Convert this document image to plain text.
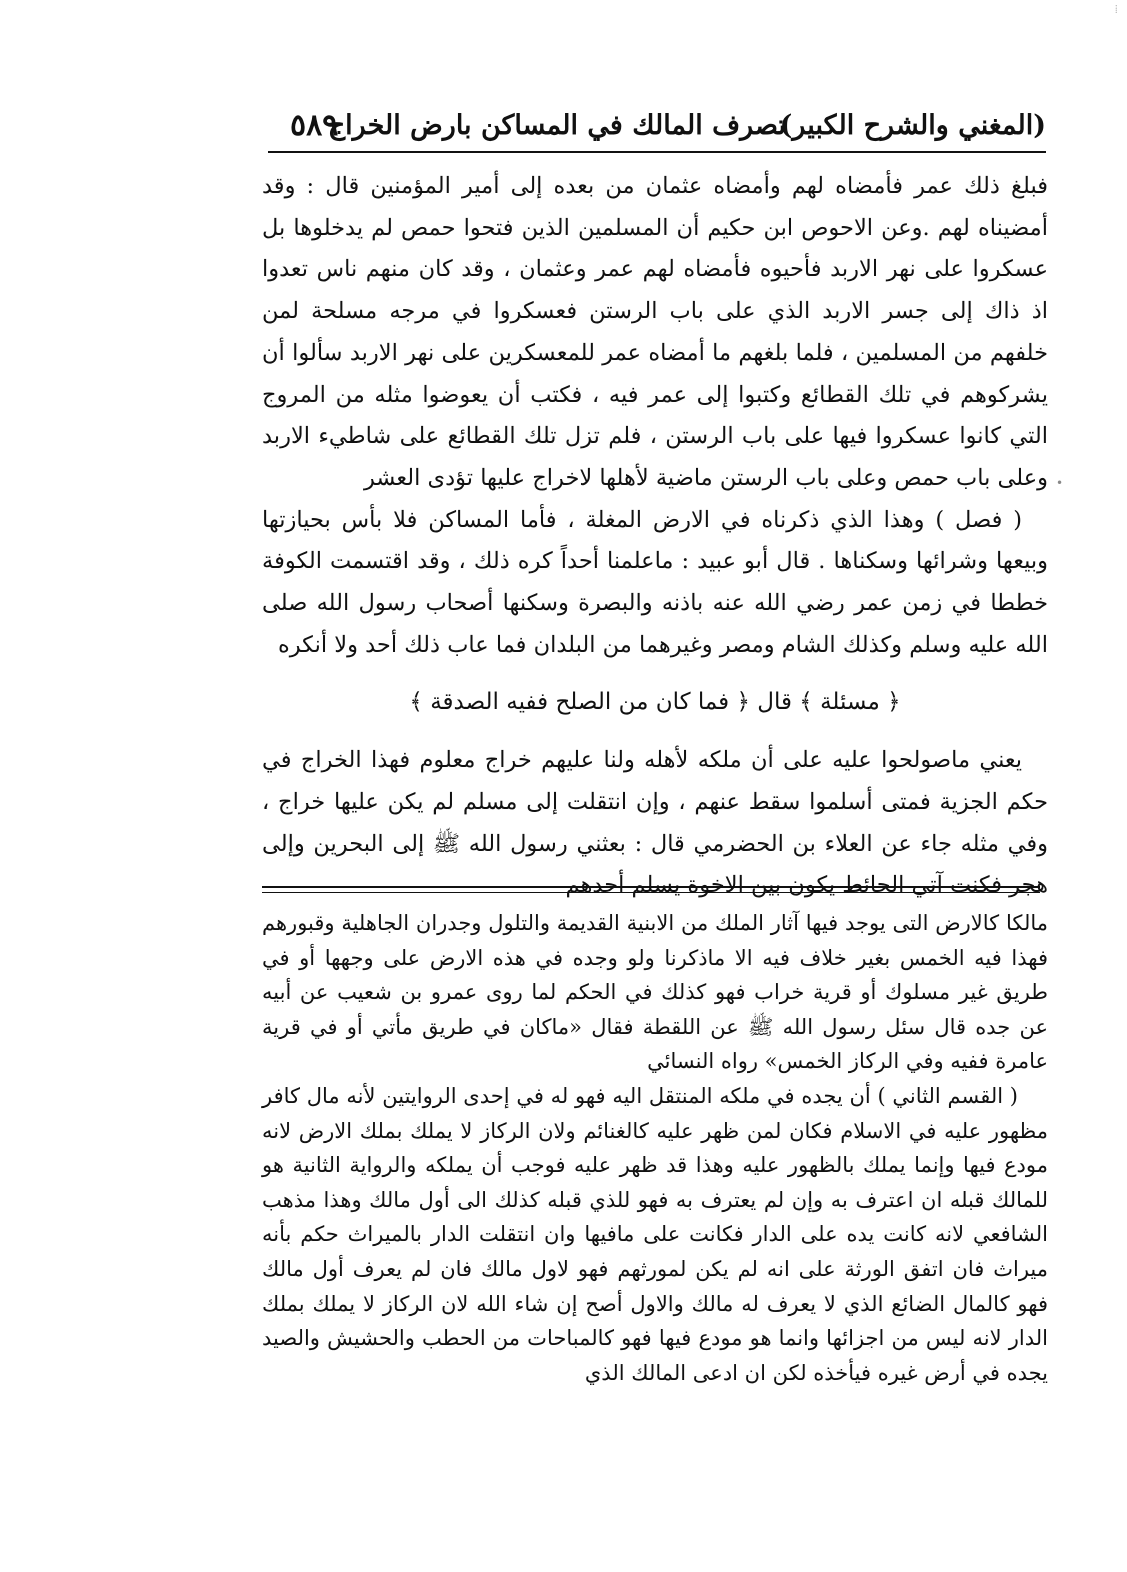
⁞
(المغني والشرح الكبير)
تصرف المالك في المساكن بارض الخراج
٥٨٩

فبلغ ذلك عمر فأمضاه لهم وأمضاه عثمان من بعده إلى أمير المؤمنين قال : وقد أمضيناه لهم .وعن الاحوص ابن حكيم أن المسلمين الذين فتحوا حمص لم يدخلوها بل عسكروا على نهر الاربد فأحيوه فأمضاه لهم عمر وعثمان ، وقد كان منهم ناس تعدوا اذ ذاك إلى جسر الاربد الذي على باب الرستن فعسكروا في مرجه مسلحة لمن خلفهم من المسلمين ، فلما بلغهم ما أمضاه عمر للمعسكرين على نهر الاربد سألوا أن يشركوهم في تلك القطائع وكتبوا إلى عمر فيه ، فكتب أن يعوضوا مثله من المروج التي كانوا عسكروا فيها على باب الرستن ، فلم تزل تلك القطائع على شاطيء الاربد وعلى باب حمص وعلى باب الرستن ماضية لأهلها لاخراج عليها تؤدى العشر

( فصل ) وهذا الذي ذكرناه في الارض المغلة ، فأما المساكن فلا بأس بحيازتها وبيعها وشرائها وسكناها . قال أبو عبيد : ماعلمنا أحداً كره ذلك ، وقد اقتسمت الكوفة خططا في زمن عمر رضي الله عنه باذنه والبصرة وسكنها أصحاب رسول الله صلى الله عليه وسلم وكذلك الشام ومصر وغيرهما من البلدان فما عاب ذلك أحد ولا أنكره

﴿ مسئلة ﴾ قال ﴿ فما كان من الصلح ففيه الصدقة ﴾

يعني ماصولحوا عليه على أن ملكه لأهله ولنا عليهم خراج معلوم فهذا الخراج في حكم الجزية فمتى أسلموا سقط عنهم ، وإن انتقلت إلى مسلم لم يكن عليها خراج ، وفي مثله جاء عن العلاء بن الحضرمي قال : بعثني رسول الله ﷺ إلى البحرين وإلى هجر فكنت آتي الحائط يكون بين الاخوة يسلم أحدهم

•

مالكا كالارض التى يوجد فيها آثار الملك من الابنية القديمة والتلول وجدران الجاهلية وقبورهم فهذا فيه الخمس بغير خلاف فيه الا ماذكرنا ولو وجده في هذه الارض على وجهها أو في طريق غير مسلوك أو قرية خراب فهو كذلك في الحكم لما روى عمرو بن شعيب عن أبيه عن جده قال سئل رسول الله ﷺ عن اللقطة فقال «ماكان في طريق مأتي أو في قرية عامرة ففيه وفي الركاز الخمس» رواه النسائي

( القسم الثاني ) أن يجده في ملكه المنتقل اليه فهو له في إحدى الروايتين لأنه مال كافر مظهور عليه في الاسلام فكان لمن ظهر عليه كالغنائم ولان الركاز لا يملك بملك الارض لانه مودع فيها وإنما يملك بالظهور عليه وهذا قد ظهر عليه فوجب أن يملكه والرواية الثانية هو للمالك قبله ان اعترف به وإن لم يعترف به فهو للذي قبله كذلك الى أول مالك وهذا مذهب الشافعي لانه كانت يده على الدار فكانت على مافيها وان انتقلت الدار بالميراث حكم بأنه ميراث فان اتفق الورثة على انه لم يكن لمورثهم فهو لاول مالك فان لم يعرف أول مالك فهو كالمال الضائع الذي لا يعرف له مالك والاول أصح إن شاء الله لان الركاز لا يملك بملك الدار لانه ليس من اجزائها وانما هو مودع فيها فهو كالمباحات من الحطب والحشيش والصيد يجده في أرض غيره فيأخذه لكن ان ادعى المالك الذي
